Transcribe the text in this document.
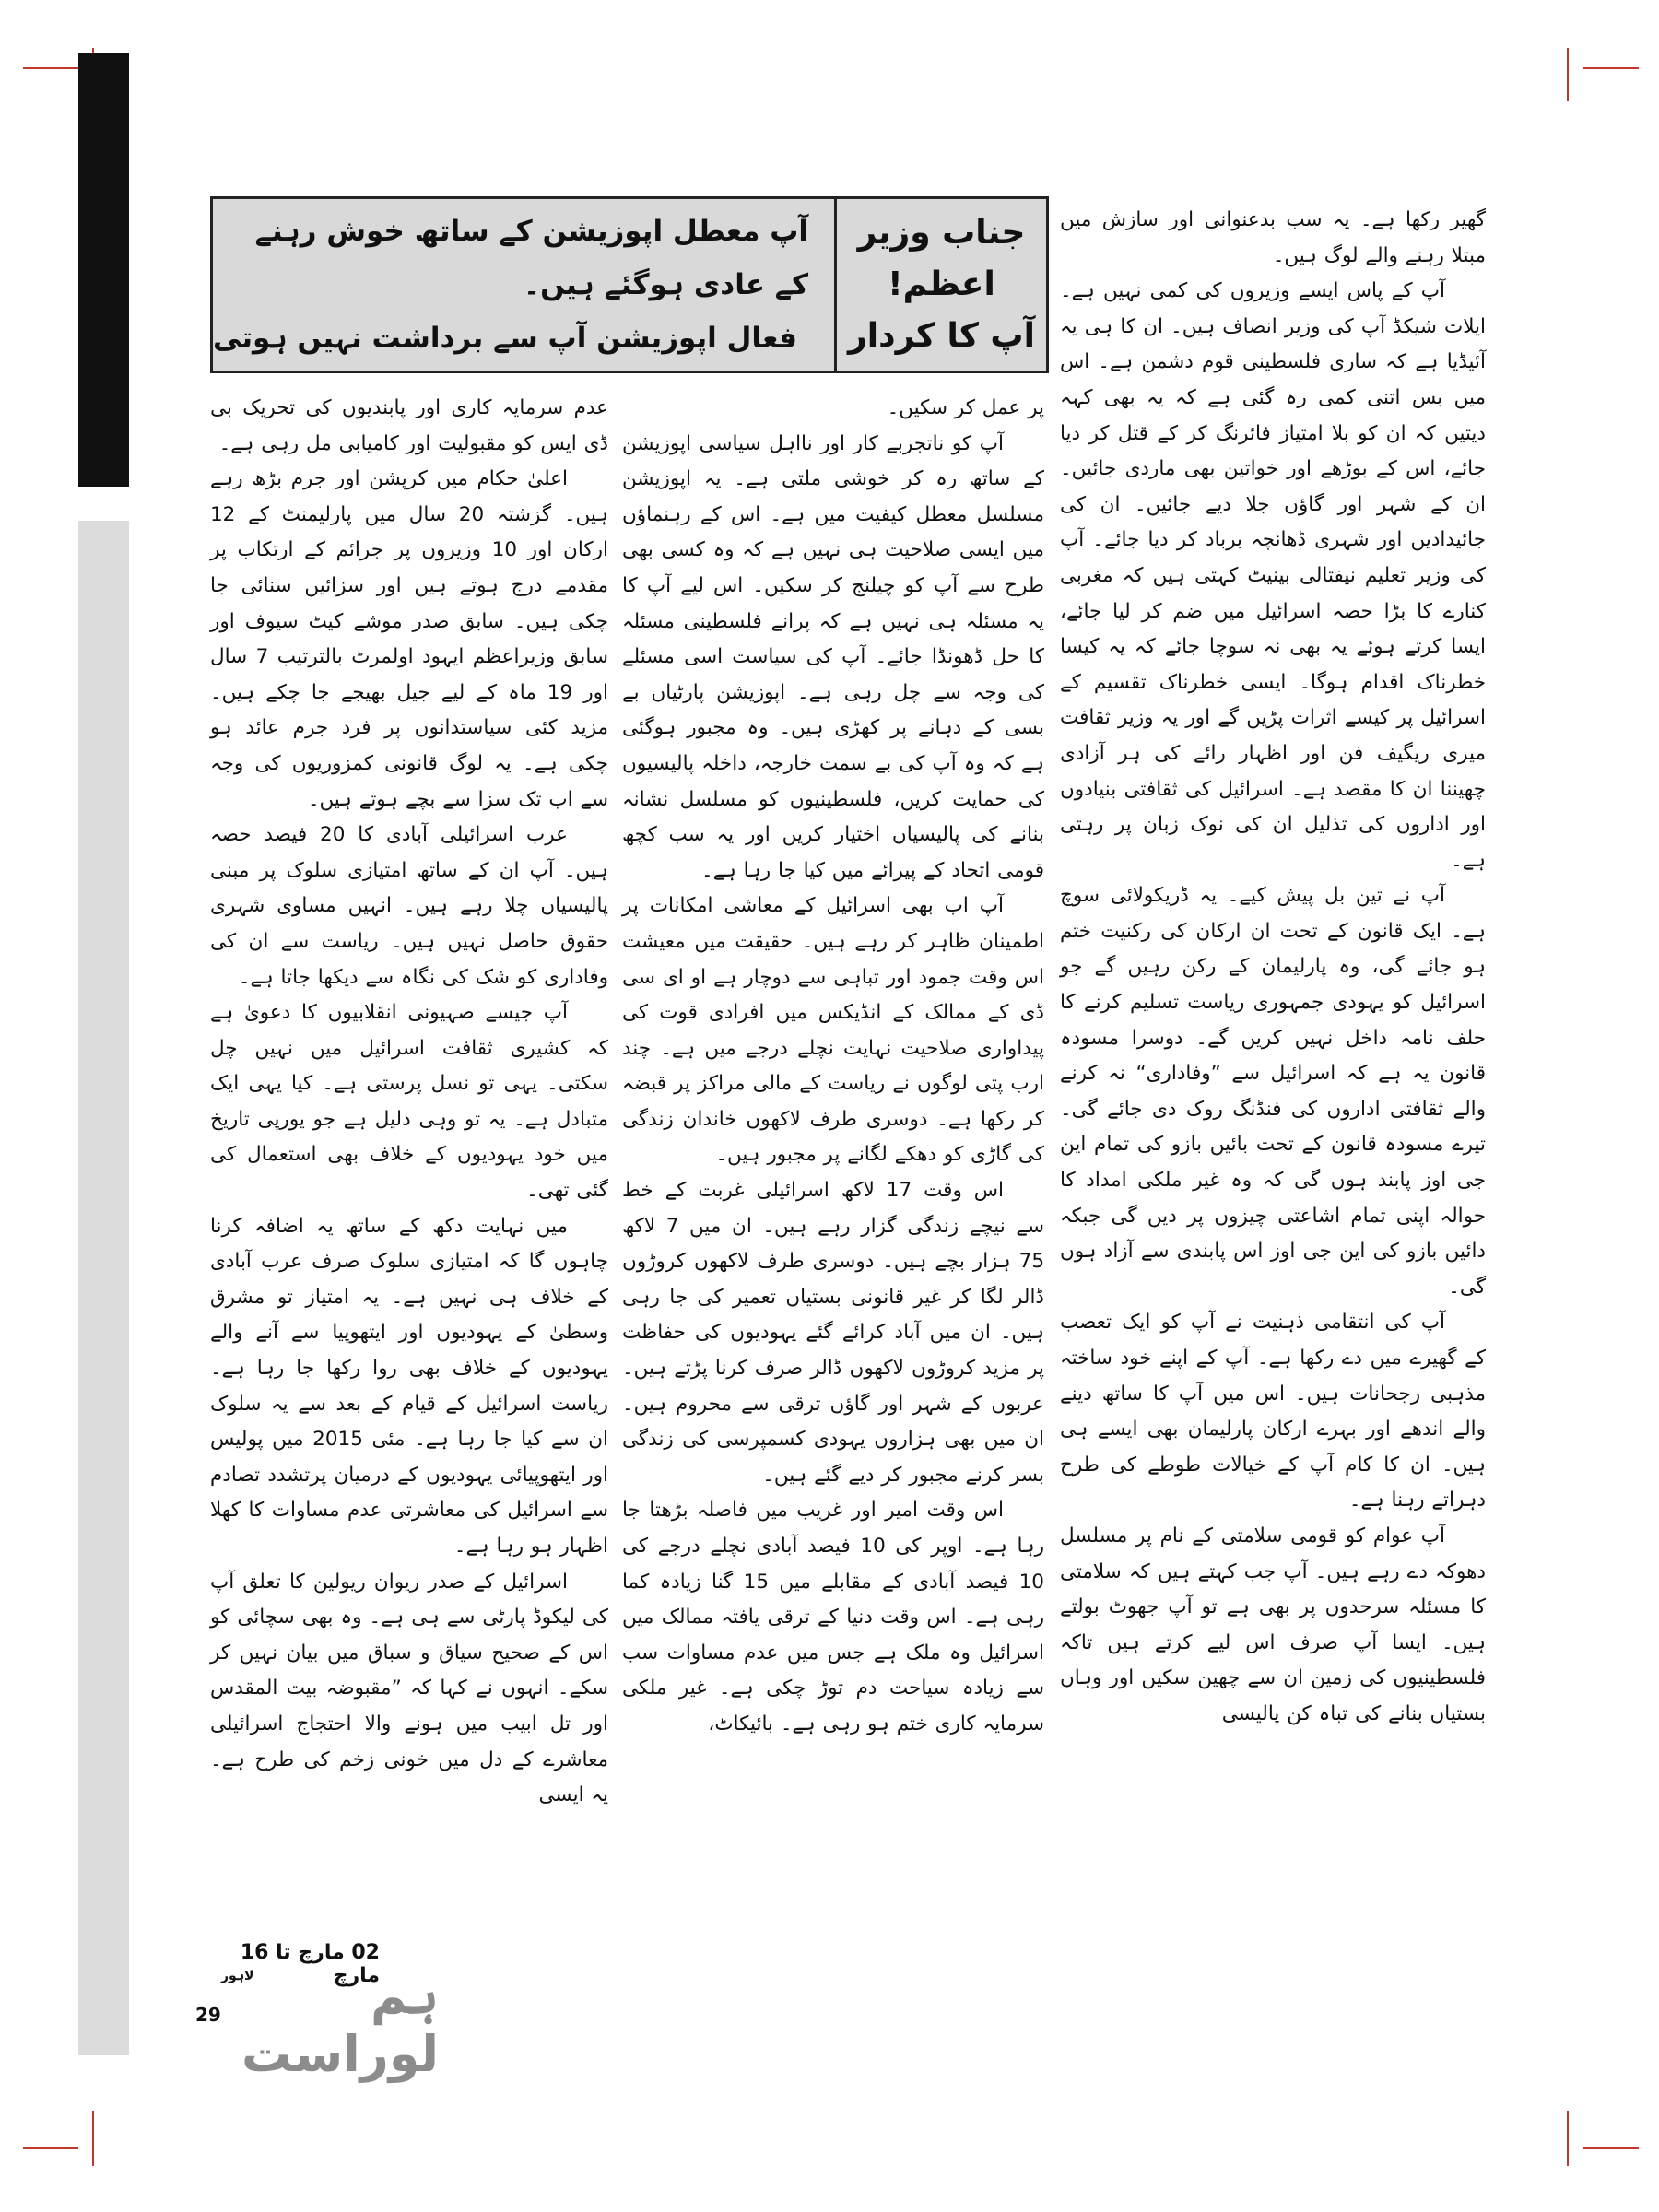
آپ معطل اپوزیشن کے ساتھ خوش رہنے کے عادی ہوگئے ہیں۔
فعال اپوزیشن آپ سے برداشت نہیں ہوتی
جناب وزیر
اعظم!
آپ کا کردار

گھیر رکھا ہے۔ یہ سب بدعنوانی اور سازش میں مبتلا رہنے والے لوگ ہیں۔

آپ کے پاس ایسے وزیروں کی کمی نہیں ہے۔ ایلات شیکڈ آپ کی وزیر انصاف ہیں۔ ان کا ہی یہ آئیڈیا ہے کہ ساری فلسطینی قوم دشمن ہے۔ اس میں بس اتنی کمی رہ گئی ہے کہ یہ بھی کہہ دیتیں کہ ان کو بلا امتیاز فائرنگ کر کے قتل کر دیا جائے، اس کے بوڑھے اور خواتین بھی ماردی جائیں۔ ان کے شہر اور گاؤں جلا دیے جائیں۔ ان کی جائیدادیں اور شہری ڈھانچہ برباد کر دیا جائے۔ آپ کی وزیر تعلیم نیفتالی بینیٹ کہتی ہیں کہ مغربی کنارے کا بڑا حصہ اسرائیل میں ضم کر لیا جائے، ایسا کرتے ہوئے یہ بھی نہ سوچا جائے کہ یہ کیسا خطرناک اقدام ہوگا۔ ایسی خطرناک تقسیم کے اسرائیل پر کیسے اثرات پڑیں گے اور یہ وزیر ثقافت میری ریگیف فن اور اظہار رائے کی ہر آزادی چھیننا ان کا مقصد ہے۔ اسرائیل کی ثقافتی بنیادوں اور اداروں کی تذلیل ان کی نوک زبان پر رہتی ہے۔

آپ نے تین بل پیش کیے۔ یہ ڈریکولائی سوچ ہے۔ ایک قانون کے تحت ان ارکان کی رکنیت ختم ہو جائے گی، وہ پارلیمان کے رکن رہیں گے جو اسرائیل کو یہودی جمہوری ریاست تسلیم کرنے کا حلف نامہ داخل نہیں کریں گے۔ دوسرا مسودہ قانون یہ ہے کہ اسرائیل سے ”وفاداری“ نہ کرنے والے ثقافتی اداروں کی فنڈنگ روک دی جائے گی۔ تیرے مسودہ قانون کے تحت بائیں بازو کی تمام این جی اوز پابند ہوں گی کہ وہ غیر ملکی امداد کا حوالہ اپنی تمام اشاعتی چیزوں پر دیں گی جبکہ دائیں بازو کی این جی اوز اس پابندی سے آزاد ہوں گی۔

آپ کی انتقامی ذہنیت نے آپ کو ایک تعصب کے گھیرے میں دے رکھا ہے۔ آپ کے اپنے خود ساختہ مذہبی رجحانات ہیں۔ اس میں آپ کا ساتھ دینے والے اندھے اور بہرے ارکان پارلیمان بھی ایسے ہی ہیں۔ ان کا کام آپ کے خیالات طوطے کی طرح دہراتے رہنا ہے۔

آپ عوام کو قومی سلامتی کے نام پر مسلسل دھوکہ دے رہے ہیں۔ آپ جب کہتے ہیں کہ سلامتی کا مسئلہ سرحدوں پر بھی ہے تو آپ جھوٹ بولتے ہیں۔ ایسا آپ صرف اس لیے کرتے ہیں تاکہ فلسطینیوں کی زمین ان سے چھین سکیں اور وہاں بستیاں بنانے کی تباہ کن پالیسی

پر عمل کر سکیں۔

آپ کو ناتجربے کار اور نااہل سیاسی اپوزیشن کے ساتھ رہ کر خوشی ملتی ہے۔ یہ اپوزیشن مسلسل معطل کیفیت میں ہے۔ اس کے رہنماؤں میں ایسی صلاحیت ہی نہیں ہے کہ وہ کسی بھی طرح سے آپ کو چیلنج کر سکیں۔ اس لیے آپ کا یہ مسئلہ ہی نہیں ہے کہ پرانے فلسطینی مسئلہ کا حل ڈھونڈا جائے۔ آپ کی سیاست اسی مسئلے کی وجہ سے چل رہی ہے۔ اپوزیشن پارٹیاں بے بسی کے دہانے پر کھڑی ہیں۔ وہ مجبور ہوگئی ہے کہ وہ آپ کی بے سمت خارجہ، داخلہ پالیسیوں کی حمایت کریں، فلسطینیوں کو مسلسل نشانہ بنانے کی پالیسیاں اختیار کریں اور یہ سب کچھ قومی اتحاد کے پیرائے میں کیا جا رہا ہے۔

آپ اب بھی اسرائیل کے معاشی امکانات پر اطمینان ظاہر کر رہے ہیں۔ حقیقت میں معیشت اس وقت جمود اور تباہی سے دوچار ہے او ای سی ڈی کے ممالک کے انڈیکس میں افرادی قوت کی پیداواری صلاحیت نہایت نچلے درجے میں ہے۔ چند ارب پتی لوگوں نے ریاست کے مالی مراکز پر قبضہ کر رکھا ہے۔ دوسری طرف لاکھوں خاندان زندگی کی گاڑی کو دھکے لگانے پر مجبور ہیں۔

اس وقت 17 لاکھ اسرائیلی غربت کے خط سے نیچے زندگی گزار رہے ہیں۔ ان میں 7 لاکھ 75 ہزار بچے ہیں۔ دوسری طرف لاکھوں کروڑوں ڈالر لگا کر غیر قانونی بستیاں تعمیر کی جا رہی ہیں۔ ان میں آباد کرائے گئے یہودیوں کی حفاظت پر مزید کروڑوں لاکھوں ڈالر صرف کرنا پڑتے ہیں۔ عربوں کے شہر اور گاؤں ترقی سے محروم ہیں۔ ان میں بھی ہزاروں یہودی کسمپرسی کی زندگی بسر کرنے مجبور کر دیے گئے ہیں۔

اس وقت امیر اور غریب میں فاصلہ بڑھتا جا رہا ہے۔ اوپر کی 10 فیصد آبادی نچلے درجے کی 10 فیصد آبادی کے مقابلے میں 15 گنا زیادہ کما رہی ہے۔ اس وقت دنیا کے ترقی یافتہ ممالک میں اسرائیل وہ ملک ہے جس میں عدم مساوات سب سے زیادہ سیاحت دم توڑ چکی ہے۔ غیر ملکی سرمایہ کاری ختم ہو رہی ہے۔ بائیکاٹ،

عدم سرمایہ کاری اور پابندیوں کی تحریک بی ڈی ایس کو مقبولیت اور کامیابی مل رہی ہے۔

اعلیٰ حکام میں کرپشن اور جرم بڑھ رہے ہیں۔ گزشتہ 20 سال میں پارلیمنٹ کے 12 ارکان اور 10 وزیروں پر جرائم کے ارتکاب پر مقدمے درج ہوتے ہیں اور سزائیں سنائی جا چکی ہیں۔ سابق صدر موشے کیٹ سیوف اور سابق وزیراعظم ایہود اولمرٹ بالترتیب 7 سال اور 19 ماہ کے لیے جیل بھیجے جا چکے ہیں۔ مزید کئی سیاستدانوں پر فرد جرم عائد ہو چکی ہے۔ یہ لوگ قانونی کمزوریوں کی وجہ سے اب تک سزا سے بچے ہوتے ہیں۔

عرب اسرائیلی آبادی کا 20 فیصد حصہ ہیں۔ آپ ان کے ساتھ امتیازی سلوک پر مبنی پالیسیاں چلا رہے ہیں۔ انہیں مساوی شہری حقوق حاصل نہیں ہیں۔ ریاست سے ان کی وفاداری کو شک کی نگاہ سے دیکھا جاتا ہے۔

آپ جیسے صہیونی انقلابیوں کا دعویٰ ہے کہ کشیری ثقافت اسرائیل میں نہیں چل سکتی۔ یہی تو نسل پرستی ہے۔ کیا یہی ایک متبادل ہے۔ یہ تو وہی دلیل ہے جو یورپی تاریخ میں خود یہودیوں کے خلاف بھی استعمال کی گئی تھی۔

میں نہایت دکھ کے ساتھ یہ اضافہ کرنا چاہوں گا کہ امتیازی سلوک صرف عرب آبادی کے خلاف ہی نہیں ہے۔ یہ امتیاز تو مشرق وسطیٰ کے یہودیوں اور ایتھوپیا سے آنے والے یہودیوں کے خلاف بھی روا رکھا جا رہا ہے۔ ریاست اسرائیل کے قیام کے بعد سے یہ سلوک ان سے کیا جا رہا ہے۔ مئی 2015 میں پولیس اور ایتھوپیائی یہودیوں کے درمیان پرتشدد تصادم سے اسرائیل کی معاشرتی عدم مساوات کا کھلا اظہار ہو رہا ہے۔

اسرائیل کے صدر ریوان ریولین کا تعلق آپ کی لیکوڈ پارٹی سے ہی ہے۔ وہ بھی سچائی کو اس کے صحیح سیاق و سباق میں بیان نہیں کر سکے۔ انہوں نے کہا کہ ”مقبوضہ بیت المقدس اور تل ابیب میں ہونے والا احتجاج اسرائیلی معاشرے کے دل میں خونی زخم کی طرح ہے۔ یہ ایسی

02 مارچ تا 16 مارچ
لاہور	ہم لوراست
29
